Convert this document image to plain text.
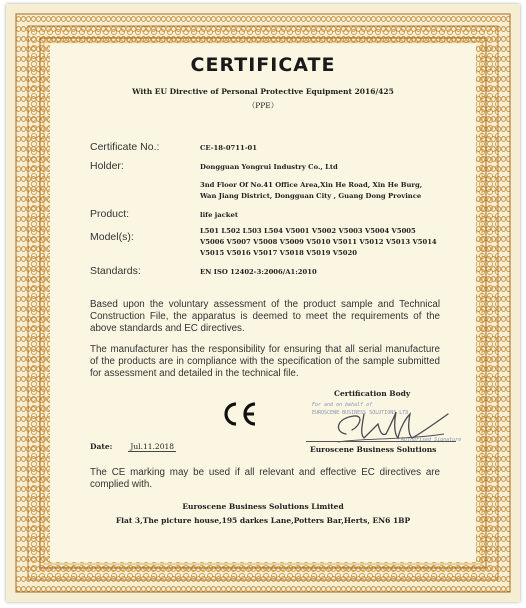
CERTIFICATE
With EU Directive of Personal Protective Equipment 2016/425
（PPE）
Certificate No.:	CE-18-0711-01
Holder:	Dongguan Yongrui Industry Co., Ltd
3nd Floor Of No.41 Office Area,Xin He Road, Xin He Burg,
Wan Jiang District, Dongguan City , Guang Dong Province
Product:	life jacket
Model(s):	L501 L502 L503 L504 V5001 V5002 V5003 V5004 V5005
V5006 V5007 V5008 V5009 V5010 V5011 V5012 V5013 V5014
V5015 V5016 V5017 V5018 V5019 V5020
Standards:	EN ISO 12402-3:2006/A1:2010
Based upon the voluntary assessment of the product sample and Technical Construction File, the apparatus is deemed to meet the requirements of the above standards and EC directives.
The manufacturer has the responsibility for ensuring that all serial manufacture of the products are in compliance with the specification of the sample submitted for assessment and detailed in the technical file.
Certification Body
For and on behalf of
EUROSCENE BUSINESS SOLUTIONS LTD
Authorised Signature
Date: Jul.11.2018	Euroscene Business Solutions
The CE marking may be used if all relevant and effective EC directives are complied with.
Euroscene Business Solutions Limited
Flat 3,The picture house,195 darkes Lane,Potters Bar,Herts, EN6 1BP
